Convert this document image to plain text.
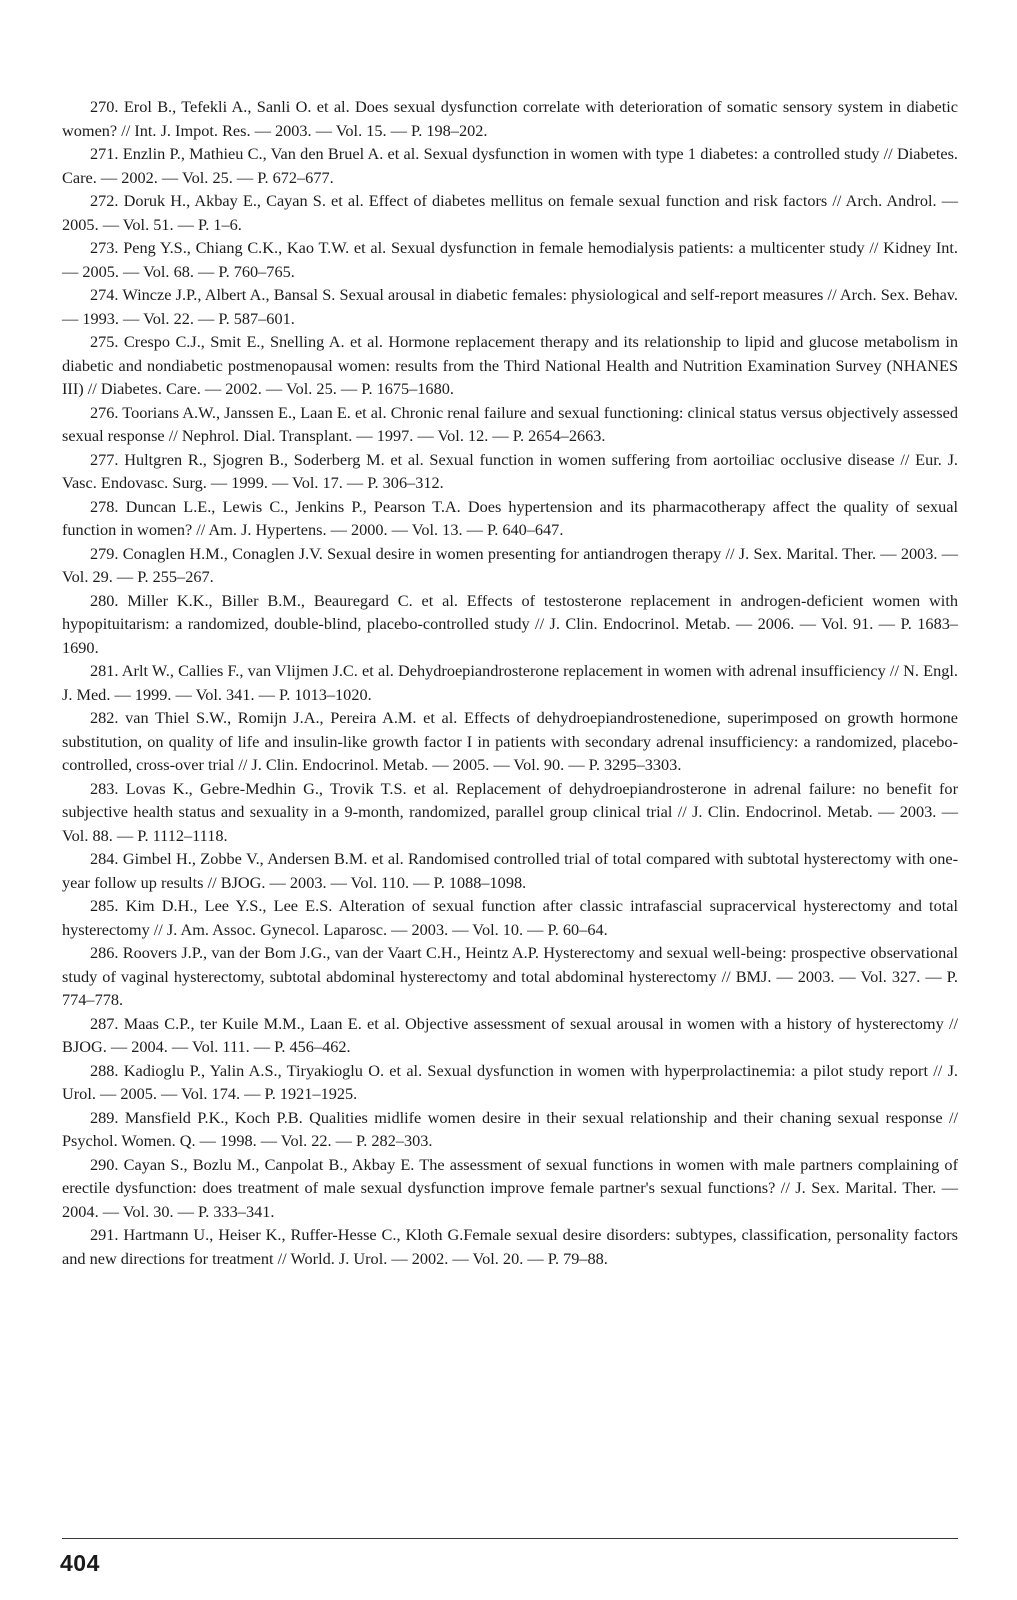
270. Erol B., Tefekli A., Sanli O. et al. Does sexual dysfunction correlate with deterioration of somatic sensory system in diabetic women? // Int. J. Impot. Res. — 2003. — Vol. 15. — P. 198–202.

271. Enzlin P., Mathieu C., Van den Bruel A. et al. Sexual dysfunction in women with type 1 diabetes: a controlled study // Diabetes. Care. — 2002. — Vol. 25. — P. 672–677.

272. Doruk H., Akbay E., Cayan S. et al. Effect of diabetes mellitus on female sexual function and risk factors // Arch. Androl. — 2005. — Vol. 51. — P. 1–6.

273. Peng Y.S., Chiang C.K., Kao T.W. et al. Sexual dysfunction in female hemodialysis patients: a multicenter study // Kidney Int. — 2005. — Vol. 68. — P. 760–765.

274. Wincze J.P., Albert A., Bansal S. Sexual arousal in diabetic females: physiological and self-report measures // Arch. Sex. Behav. — 1993. — Vol. 22. — P. 587–601.

275. Crespo C.J., Smit E., Snelling A. et al. Hormone replacement therapy and its relationship to lipid and glucose metabolism in diabetic and nondiabetic postmenopausal women: results from the Third National Health and Nutrition Examination Survey (NHANES III) // Diabetes. Care. — 2002. — Vol. 25. — P. 1675–1680.

276. Toorians A.W., Janssen E., Laan E. et al. Chronic renal failure and sexual functioning: clinical status versus objectively assessed sexual response // Nephrol. Dial. Transplant. — 1997. — Vol. 12. — P. 2654–2663.

277. Hultgren R., Sjogren B., Soderberg M. et al. Sexual function in women suffering from aortoiliac occlusive disease // Eur. J. Vasc. Endovasc. Surg. — 1999. — Vol. 17. — P. 306–312.

278. Duncan L.E., Lewis C., Jenkins P., Pearson T.A. Does hypertension and its pharmacotherapy affect the quality of sexual function in women? // Am. J. Hypertens. — 2000. — Vol. 13. — P. 640–647.

279. Conaglen H.M., Conaglen J.V. Sexual desire in women presenting for antiandrogen therapy // J. Sex. Marital. Ther. — 2003. — Vol. 29. — P. 255–267.

280. Miller K.K., Biller B.M., Beauregard C. et al. Effects of testosterone replacement in androgen-deficient women with hypopituitarism: a randomized, double-blind, placebo-controlled study // J. Clin. Endocrinol. Metab. — 2006. — Vol. 91. — P. 1683–1690.

281. Arlt W., Callies F., van Vlijmen J.C. et al. Dehydroepiandrosterone replacement in women with adrenal insufficiency // N. Engl. J. Med. — 1999. — Vol. 341. — P. 1013–1020.

282. van Thiel S.W., Romijn J.A., Pereira A.M. et al. Effects of dehydroepiandrostenedione, superimposed on growth hormone substitution, on quality of life and insulin-like growth factor I in patients with secondary adrenal insufficiency: a randomized, placebo-controlled, cross-over trial // J. Clin. Endocrinol. Metab. — 2005. — Vol. 90. — P. 3295–3303.

283. Lovas K., Gebre-Medhin G., Trovik T.S. et al. Replacement of dehydroepiandrosterone in adrenal failure: no benefit for subjective health status and sexuality in a 9-month, randomized, parallel group clinical trial // J. Clin. Endocrinol. Metab. — 2003. — Vol. 88. — P. 1112–1118.

284. Gimbel H., Zobbe V., Andersen B.M. et al. Randomised controlled trial of total compared with subtotal hysterectomy with one-year follow up results // BJOG. — 2003. — Vol. 110. — P. 1088–1098.

285. Kim D.H., Lee Y.S., Lee E.S. Alteration of sexual function after classic intrafascial supracervical hysterectomy and total hysterectomy // J. Am. Assoc. Gynecol. Laparosc. — 2003. — Vol. 10. — P. 60–64.

286. Roovers J.P., van der Bom J.G., van der Vaart C.H., Heintz A.P. Hysterectomy and sexual well-being: prospective observational study of vaginal hysterectomy, subtotal abdominal hysterectomy and total abdominal hysterectomy // BMJ. — 2003. — Vol. 327. — P. 774–778.

287. Maas C.P., ter Kuile M.M., Laan E. et al. Objective assessment of sexual arousal in women with a history of hysterectomy // BJOG. — 2004. — Vol. 111. — P. 456–462.

288. Kadioglu P., Yalin A.S., Tiryakioglu O. et al. Sexual dysfunction in women with hyperprolactinemia: a pilot study report // J. Urol. — 2005. — Vol. 174. — P. 1921–1925.

289. Mansfield P.K., Koch P.B. Qualities midlife women desire in their sexual relationship and their chaning sexual response // Psychol. Women. Q. — 1998. — Vol. 22. — P. 282–303.

290. Cayan S., Bozlu M., Canpolat B., Akbay E. The assessment of sexual functions in women with male partners complaining of erectile dysfunction: does treatment of male sexual dysfunction improve female partner's sexual functions? // J. Sex. Marital. Ther. — 2004. — Vol. 30. — P. 333–341.

291. Hartmann U., Heiser K., Ruffer-Hesse C., Kloth G.Female sexual desire disorders: subtypes, classification, personality factors and new directions for treatment // World. J. Urol. — 2002. — Vol. 20. — P. 79–88.

404
